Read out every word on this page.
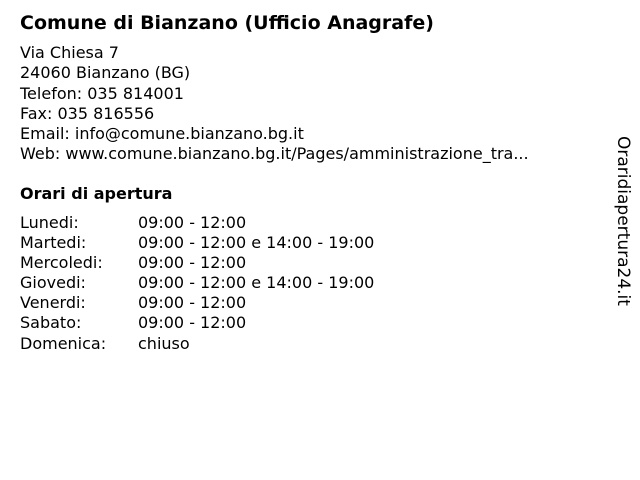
Comune di Bianzano (Ufficio Anagrafe)
Via Chiesa 7
24060 Bianzano (BG)
Telefon: 035 814001
Fax: 035 816556
Email: info@comune.bianzano.bg.it
Web: www.comune.bianzano.bg.it/Pages/amministrazione_tra...
Orari di apertura
Lunedi:	09:00 - 12:00
Martedi:	09:00 - 12:00 e 14:00 - 19:00
Mercoledi: 09:00 - 12:00
Giovedi:	09:00 - 12:00 e 14:00 - 19:00
Venerdi:	09:00 - 12:00
Sabato:	09:00 - 12:00
Domenica: chiuso
Oraridiapertura24.it
